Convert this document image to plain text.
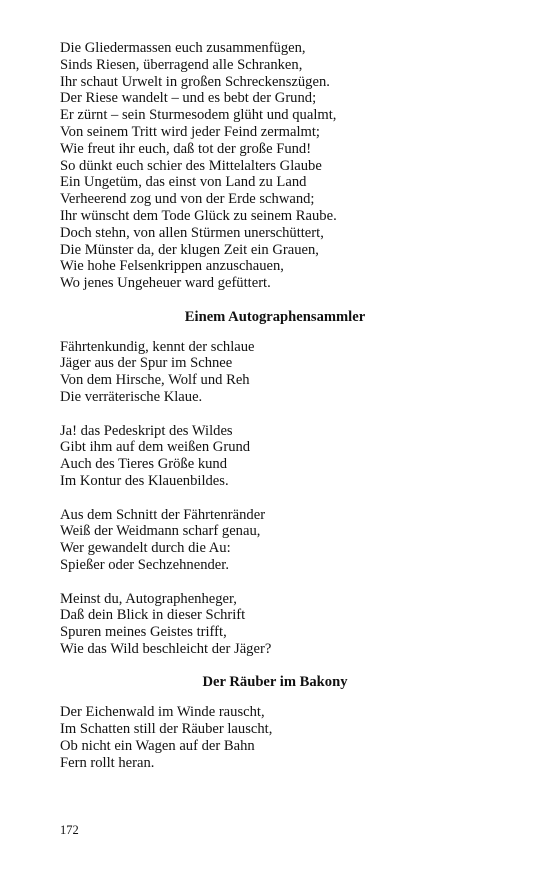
Die Gliedermassen euch zusammenfügen,
Sinds Riesen, überragend alle Schranken,
Ihr schaut Urwelt in großen Schreckenszügen.
Der Riese wandelt – und es bebt der Grund;
Er zürnt – sein Sturmesodem glüht und qualmt,
Von seinem Tritt wird jeder Feind zermalmt;
Wie freut ihr euch, daß tot der große Fund!
So dünkt euch schier des Mittelalters Glaube
Ein Ungetüm, das einst von Land zu Land
Verheerend zog und von der Erde schwand;
Ihr wünscht dem Tode Glück zu seinem Raube.
Doch stehn, von allen Stürmen unerschüttert,
Die Münster da, der klugen Zeit ein Grauen,
Wie hohe Felsenkrippen anzuschauen,
Wo jenes Ungeheuer ward gefüttert.
Einem Autographensammler
Fährtenkundig, kennt der schlaue
Jäger aus der Spur im Schnee
Von dem Hirsche, Wolf und Reh
Die verräterische Klaue.
Ja! das Pedeskript des Wildes
Gibt ihm auf dem weißen Grund
Auch des Tieres Größe kund
Im Kontur des Klauenbildes.
Aus dem Schnitt der Fährtenränder
Weiß der Weidmann scharf genau,
Wer gewandelt durch die Au:
Spießer oder Sechzehnender.
Meinst du, Autographenheger,
Daß dein Blick in dieser Schrift
Spuren meines Geistes trifft,
Wie das Wild beschleicht der Jäger?
Der Räuber im Bakony
Der Eichenwald im Winde rauscht,
Im Schatten still der Räuber lauscht,
Ob nicht ein Wagen auf der Bahn
Fern rollt heran.
172
